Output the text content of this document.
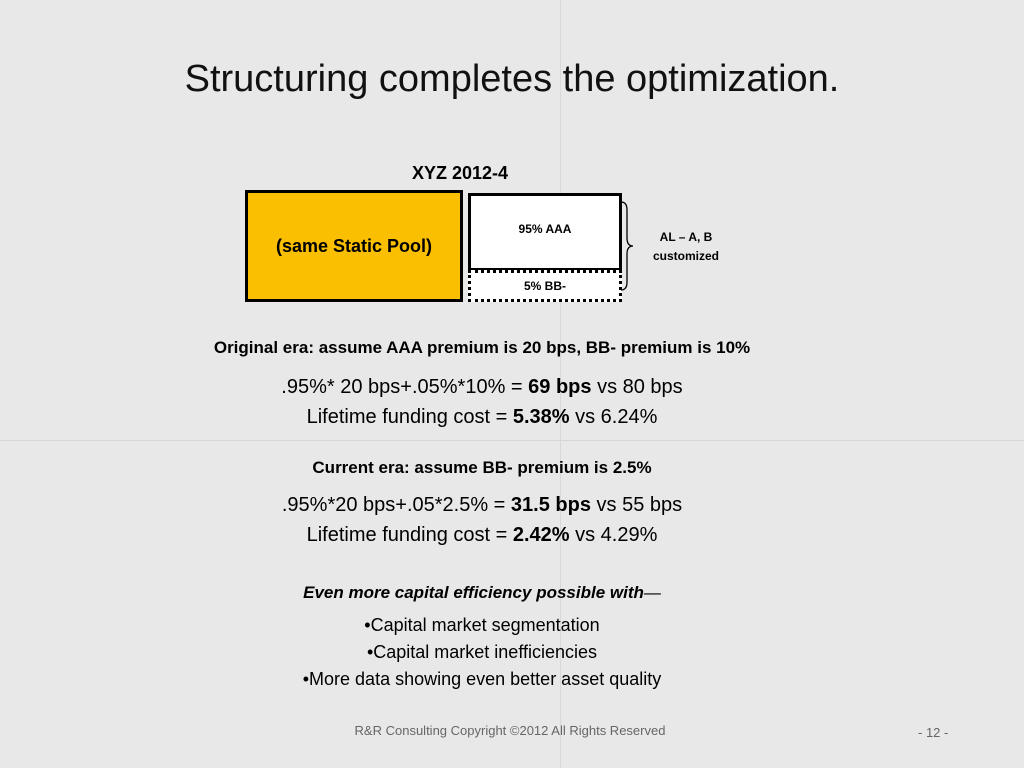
Structuring completes the optimization.
XYZ 2012-4
(same Static Pool)
95% AAA
5% BB-
AL – A, B
customized
Original era: assume AAA premium is 20 bps, BB- premium is 10%
.95%* 20 bps+.05%*10% = 69 bps vs 80 bps
Lifetime funding cost = 5.38% vs 6.24%
Current era: assume BB- premium is 2.5%
.95%*20 bps+.05*2.5% = 31.5 bps vs 55 bps
Lifetime funding cost = 2.42% vs 4.29%
Even more capital efficiency possible with—
•Capital market segmentation
•Capital market inefficiencies
•More data showing even better asset quality
R&R Consulting Copyright ©2012 All Rights Reserved	- 12 -
